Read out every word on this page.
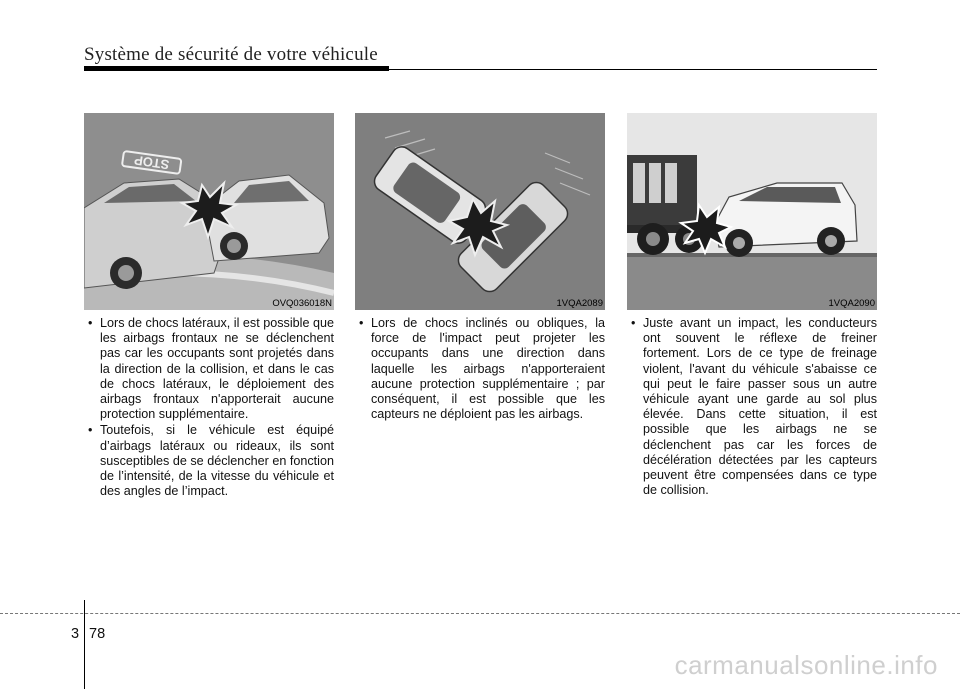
Système de sécurité de votre véhicule
STOP
OVQ036018N	1VQA2089	1VQA2090
• Lors de chocs latéraux, il est possible que les airbags frontaux ne se déclenchent pas car les occupants sont projetés dans la direction de la collision, et dans le cas de chocs latéraux, le déploiement des airbags frontaux n'apporterait aucune protection supplémentaire.
• Toutefois, si le véhicule est équipé d’airbags latéraux ou rideaux, ils sont susceptibles de se déclencher en fonction de l’intensité, de la vitesse du véhicule et des angles de l’impact.
• Lors de chocs inclinés ou obliques, la force de l'impact peut projeter les occupants dans une direction dans laquelle les airbags n'apporteraient aucune protection supplémentaire ; par conséquent, il est possible que les capteurs ne déploient pas les airbags.
• Juste avant un impact, les conducteurs ont souvent le réflexe de freiner fortement. Lors de ce type de freinage violent, l'avant du véhicule s'abaisse ce qui peut le faire passer sous un autre véhicule ayant une garde au sol plus élevée. Dans cette situation, il est possible que les airbags ne se déclenchent pas car les forces de décélération détectées par les capteurs peuvent être compensées dans ce type de collision.
3 78
carmanualsonline.info
